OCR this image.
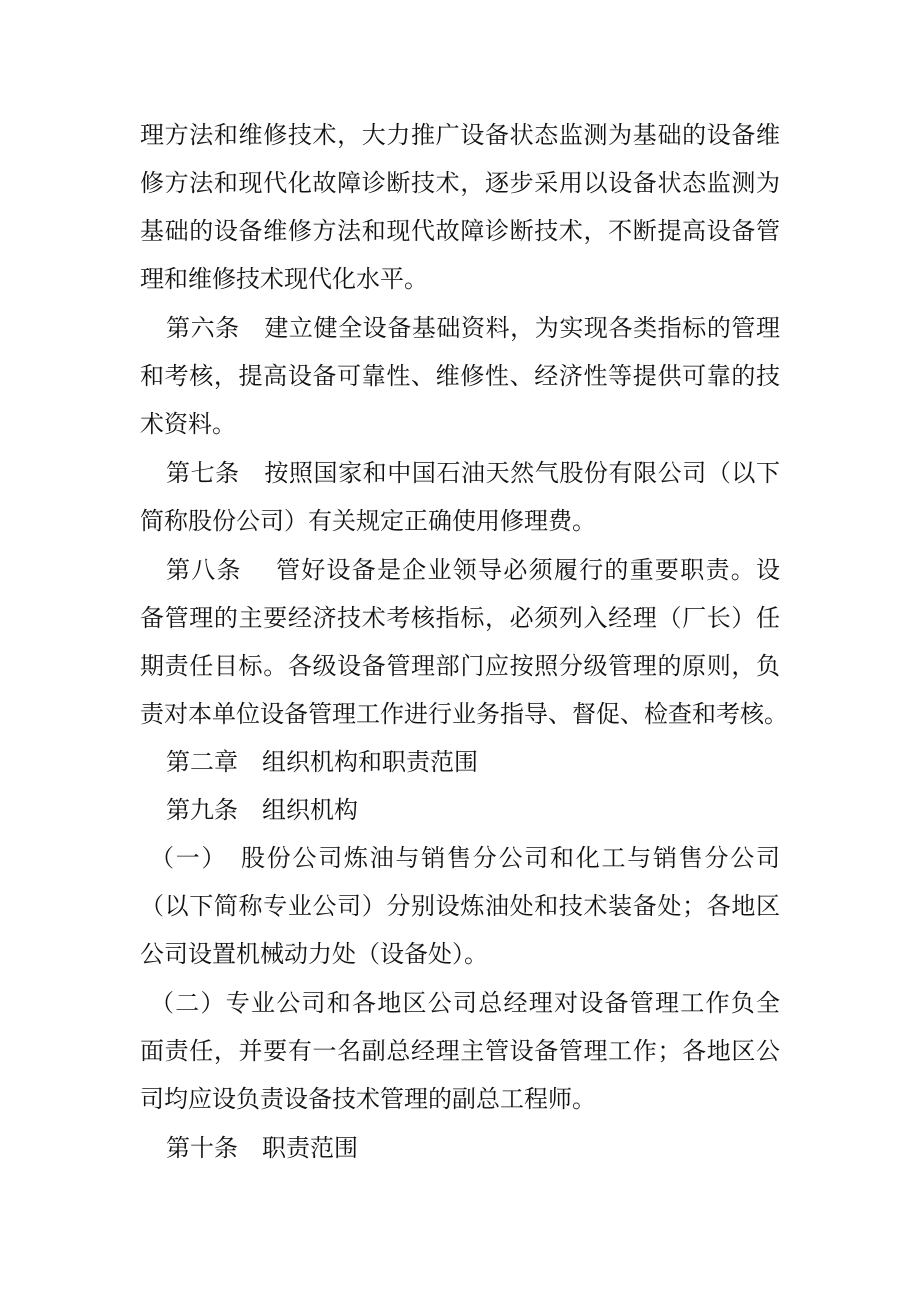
理方法和维修技术，大力推广设备状态监测为基础的设备维
修方法和现代化故障诊断技术，逐步采用以设备状态监测为
基础的设备维修方法和现代故障诊断技术，不断提高设备管
理和维修技术现代化水平。
第六条　建立健全设备基础资料，为实现各类指标的管理
和考核，提高设备可靠性、维修性、经济性等提供可靠的技
术资料。
第七条　按照国家和中国石油天然气股份有限公司（以下
简称股份公司）有关规定正确使用修理费。
第八条　 管好设备是企业领导必须履行的重要职责。设
备管理的主要经济技术考核指标，必须列入经理（厂长）任
期责任目标。各级设备管理部门应按照分级管理的原则，负
责对本单位设备管理工作进行业务指导、督促、检查和考核。
第二章　组织机构和职责范围
第九条　组织机构
（一）　股份公司炼油与销售分公司和化工与销售分公司
（以下简称专业公司）分别设炼油处和技术装备处；各地区
公司设置机械动力处（设备处）。
（二）专业公司和各地区公司总经理对设备管理工作负全
面责任，并要有一名副总经理主管设备管理工作；各地区公
司均应设负责设备技术管理的副总工程师。
第十条　职责范围
